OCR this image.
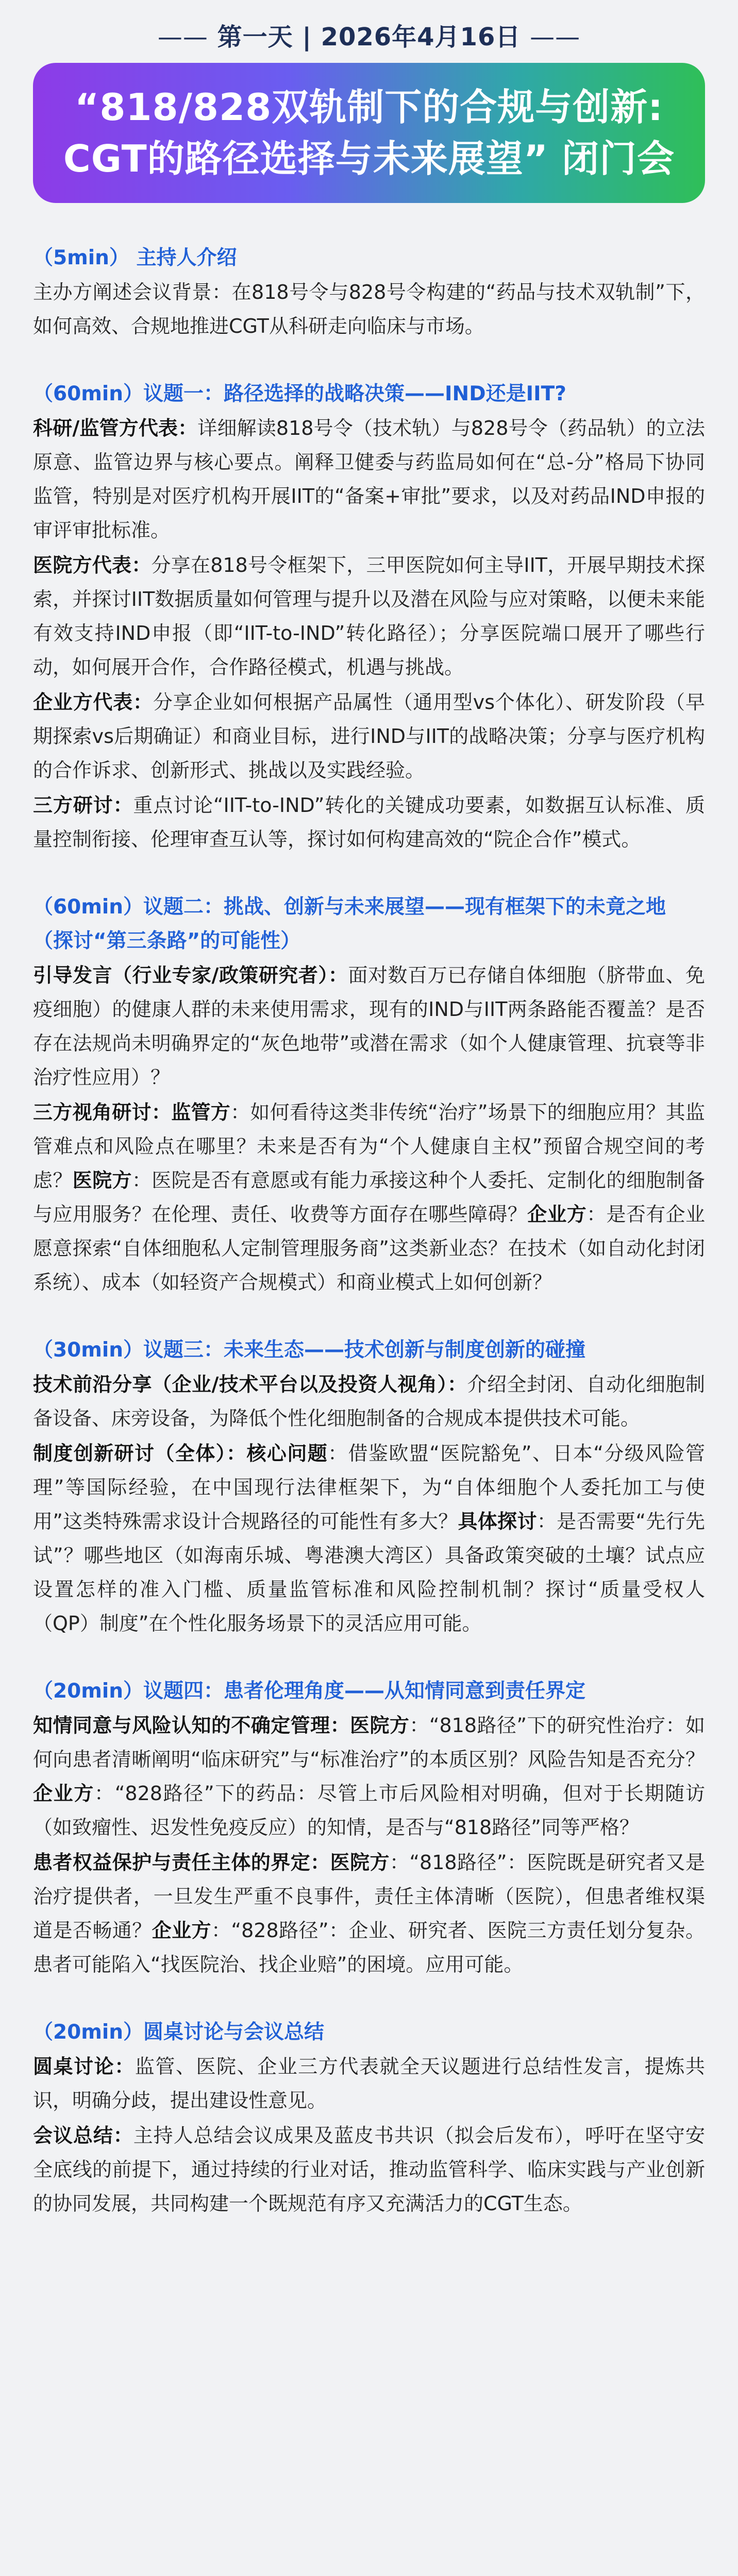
—— 第一天 | 2026年4月16日 ——
“818/828双轨制下的合规与创新:
CGT的路径选择与未来展望” 闭门会
（5min） 主持人介绍
主办方阐述会议背景：在818号令与828号令构建的“药品与技术双轨制”下，如何高效、合规地推进CGT从科研走向临床与市场。
（60min）议题一：路径选择的战略决策——IND还是IIT?
科研/监管方代表：详细解读818号令（技术轨）与828号令（药品轨）的立法原意、监管边界与核心要点。阐释卫健委与药监局如何在“总-分”格局下协同监管，特别是对医疗机构开展IIT的“备案+审批”要求，以及对药品IND申报的审评审批标准。
医院方代表：分享在818号令框架下，三甲医院如何主导IIT，开展早期技术探索，并探讨IIT数据质量如何管理与提升以及潜在风险与应对策略，以便未来能有效支持IND申报（即“IIT-to-IND”转化路径）；分享医院端口展开了哪些行动，如何展开合作，合作路径模式，机遇与挑战。
企业方代表：分享企业如何根据产品属性（通用型vs个体化）、研发阶段（早期探索vs后期确证）和商业目标，进行IND与IIT的战略决策；分享与医疗机构的合作诉求、创新形式、挑战以及实践经验。
三方研讨：重点讨论“IIT-to-IND”转化的关键成功要素，如数据互认标准、质量控制衔接、伦理审查互认等，探讨如何构建高效的“院企合作”模式。
（60min）议题二：挑战、创新与未来展望——现有框架下的未竟之地（探讨“第三条路”的可能性）
引导发言（行业专家/政策研究者）：面对数百万已存储自体细胞（脐带血、免疫细胞）的健康人群的未来使用需求，现有的IND与IIT两条路能否覆盖？是否存在法规尚未明确界定的“灰色地带”或潜在需求（如个人健康管理、抗衰等非治疗性应用）？
三方视角研讨：监管方：如何看待这类非传统“治疗”场景下的细胞应用？其监管难点和风险点在哪里？未来是否有为“个人健康自主权”预留合规空间的考虑？医院方：医院是否有意愿或有能力承接这种个人委托、定制化的细胞制备与应用服务？在伦理、责任、收费等方面存在哪些障碍？企业方：是否有企业愿意探索“自体细胞私人定制管理服务商”这类新业态？在技术（如自动化封闭系统）、成本（如轻资产合规模式）和商业模式上如何创新？
（30min）议题三：未来生态——技术创新与制度创新的碰撞
技术前沿分享（企业/技术平台以及投资人视角）：介绍全封闭、自动化细胞制备设备、床旁设备，为降低个性化细胞制备的合规成本提供技术可能。
制度创新研讨（全体）：核心问题：借鉴欧盟“医院豁免”、日本“分级风险管理”等国际经验，在中国现行法律框架下，为“自体细胞个人委托加工与使用”这类特殊需求设计合规路径的可能性有多大？具体探讨：是否需要“先行先试”？哪些地区（如海南乐城、粤港澳大湾区）具备政策突破的土壤？试点应设置怎样的准入门槛、质量监管标准和风险控制机制？探讨“质量受权人（QP）制度”在个性化服务场景下的灵活应用可能。
（20min）议题四：患者伦理角度——从知情同意到责任界定
知情同意与风险认知的不确定管理：医院方：“818路径”下的研究性治疗：如何向患者清晰阐明“临床研究”与“标准治疗”的本质区别？风险告知是否充分？企业方：“828路径”下的药品：尽管上市后风险相对明确，但对于长期随访（如致瘤性、迟发性免疫反应）的知情，是否与“818路径”同等严格？
患者权益保护与责任主体的界定：医院方：“818路径”：医院既是研究者又是治疗提供者，一旦发生严重不良事件，责任主体清晰（医院），但患者维权渠道是否畅通？企业方：“828路径”：企业、研究者、医院三方责任划分复杂。患者可能陷入“找医院治、找企业赔”的困境。应用可能。
（20min）圆桌讨论与会议总结
圆桌讨论：监管、医院、企业三方代表就全天议题进行总结性发言，提炼共识，明确分歧，提出建设性意见。
会议总结：主持人总结会议成果及蓝皮书共识（拟会后发布），呼吁在坚守安全底线的前提下，通过持续的行业对话，推动监管科学、临床实践与产业创新的协同发展，共同构建一个既规范有序又充满活力的CGT生态。
